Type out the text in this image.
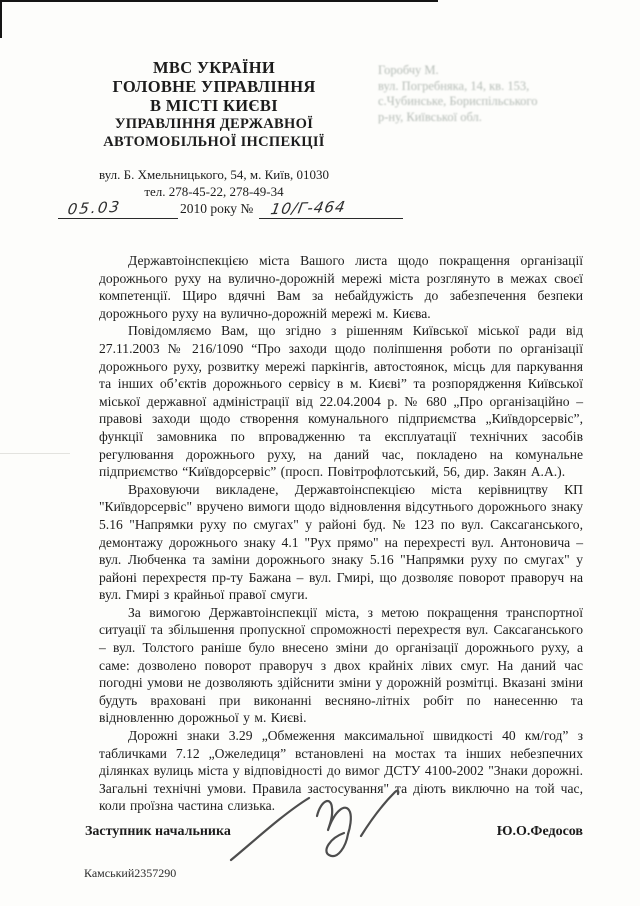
МВС УКРАЇНИ
ГОЛОВНЕ УПРАВЛІННЯ
В МІСТІ КИЄВІ
УПРАВЛІННЯ ДЕРЖАВНОЇ
АВТОМОБІЛЬНОЇ ІНСПЕКЦІЇ
Горобчу М.
вул. Погребняка, 14, кв. 153,
с.Чубинське, Бориспільського
р-ну, Київської обл.
вул. Б. Хмельницького, 54, м. Київ, 01030
тел. 278-45-22, 278-49-34
05.03	2010 року №	10/Г-464

Державтоінспекцією міста Вашого листа щодо покращення організації дорожнього руху на вулично-дорожній мережі міста розглянуто в межах своєї компетенції. Щиро вдячні Вам за небайдужість до забезпечення безпеки дорожнього руху на вулично-дорожній мережі м. Києва.

Повідомляємо Вам, що згідно з рішенням Київської міської ради від 27.11.2003 № 216/1090 “Про заходи щодо поліпшення роботи по організації дорожнього руху, розвитку мережі паркінгів, автостоянок, місць для паркування та інших об’єктів дорожнього сервісу в м. Києві” та розпорядження Київської міської державної адміністрації від 22.04.2004 р. № 680 „Про організаційно – правові заходи щодо створення комунального підприємства „Київдорсервіс”, функції замовника по впровадженню та експлуатації технічних засобів регулювання дорожнього руху, на даний час, покладено на комунальне підприємство “Київдорсервіс” (просп. Повітрофлотський, 56, дир. Закян А.А.).

Враховуючи викладене, Державтоінспекцією міста керівництву КП "Київдорсервіс" вручено вимоги щодо відновлення відсутнього дорожнього знаку 5.16 "Напрямки руху по смугах" у районі буд. № 123 по вул. Саксаганського, демонтажу дорожнього знаку 4.1 "Рух прямо" на перехресті вул. Антоновича – вул. Любченка та заміни дорожнього знаку 5.16 "Напрямки руху по смугах" у районі перехрестя пр-ту Бажана – вул. Гмирі, що дозволяє поворот праворуч на вул. Гмирі з крайньої правої смуги.

За вимогою Державтоінспекції міста, з метою покращення транспортної ситуації та збільшення пропускної спроможності перехрестя вул. Саксаганського – вул. Толстого раніше було внесено зміни до організації дорожнього руху, а саме: дозволено поворот праворуч з двох крайніх лівих смуг. На даний час погодні умови не дозволяють здійснити зміни у дорожній розмітці. Вказані зміни будуть враховані при виконанні весняно-літніх робіт по нанесенню та відновленню дорожньої у м. Києві.

Дорожні знаки 3.29 „Обмеження максимальної швидкості 40 км/год” з табличками 7.12 „Ожеледиця” встановлені на мостах та інших небезпечних ділянках вулиць міста у відповідності до вимог ДСТУ 4100-2002 "Знаки дорожні. Загальні технічні умови. Правила застосування" та діють виключно на той час, коли проїзна частина слизька.

Заступник начальника	Ю.О.Федосов
Камський2357290
